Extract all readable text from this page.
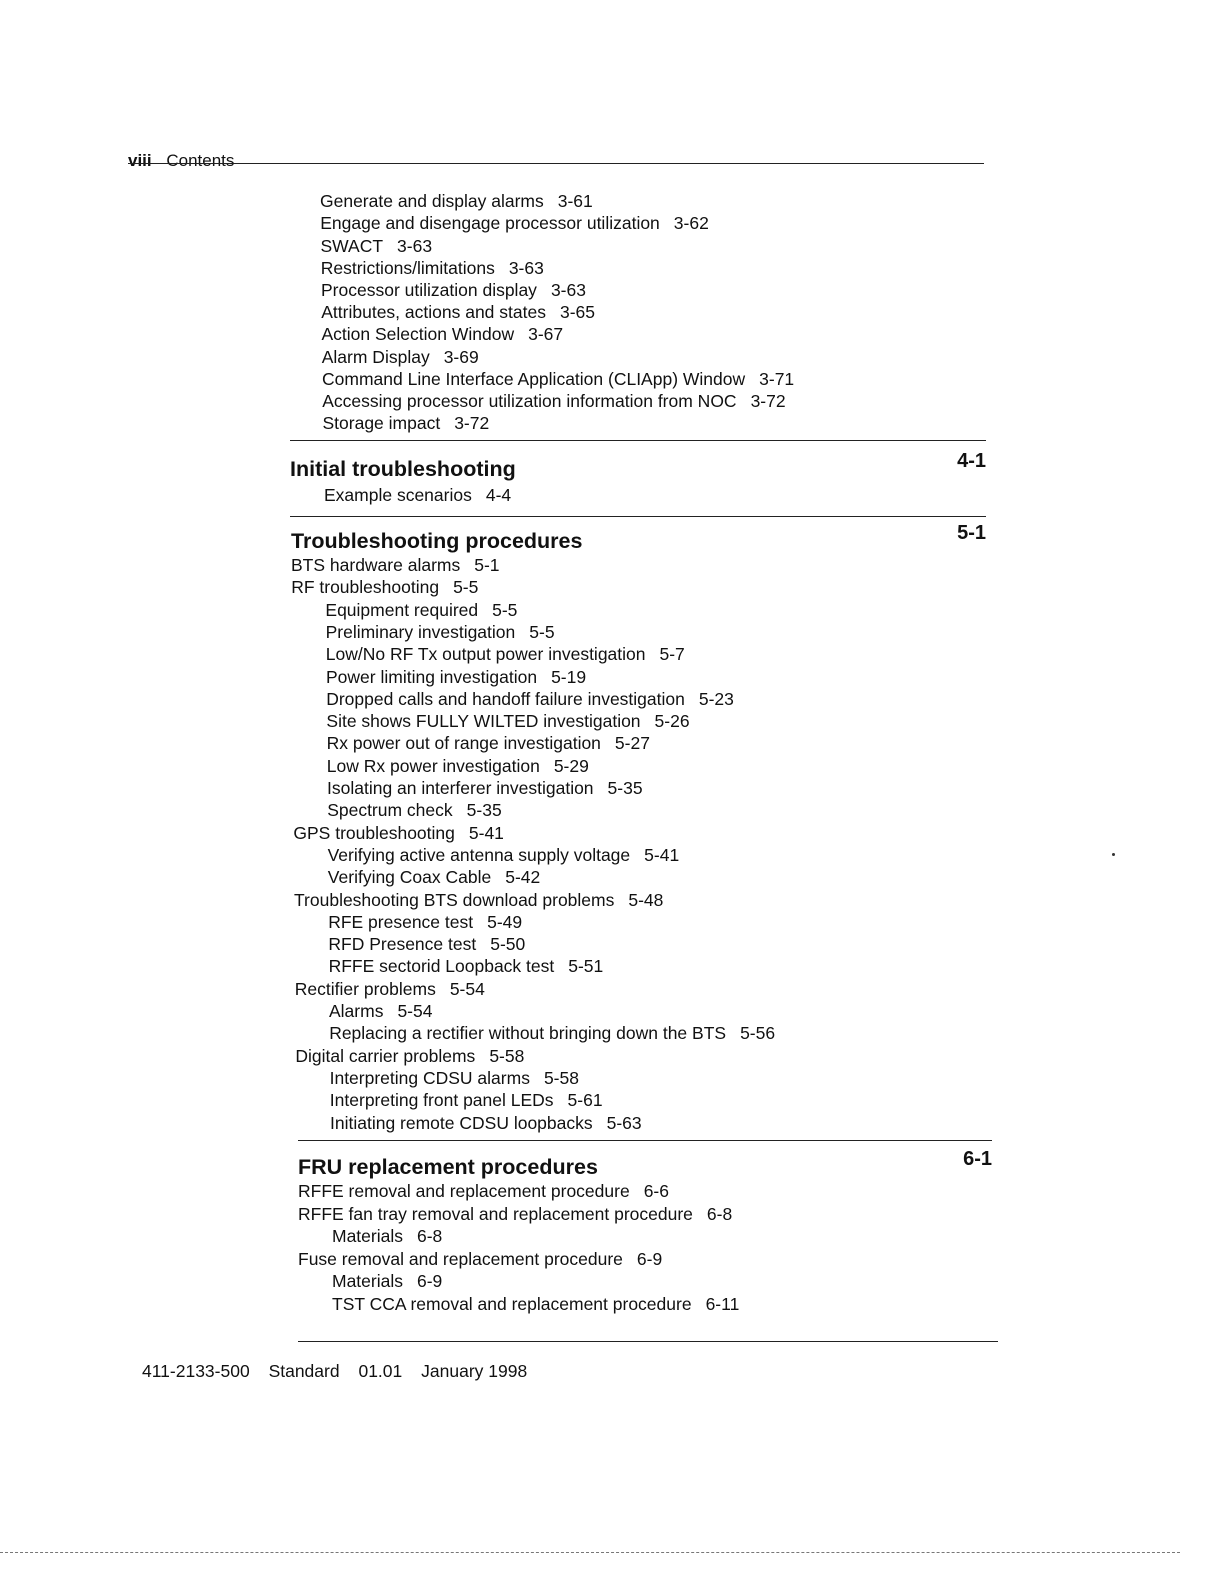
viii Contents
Generate and display alarms 3-61
Engage and disengage processor utilization 3-62
SWACT 3-63
Restrictions/limitations 3-63
Processor utilization display 3-63
Attributes, actions and states 3-65
Action Selection Window 3-67
Alarm Display 3-69
Command Line Interface Application (CLIApp) Window 3-71
Accessing processor utilization information from NOC 3-72
Storage impact 3-72
Initial troubleshooting	4-1
Example scenarios 4-4
Troubleshooting procedures	5-1
BTS hardware alarms 5-1
RF troubleshooting 5-5
Equipment required 5-5
Preliminary investigation 5-5
Low/No RF Tx output power investigation 5-7
Power limiting investigation 5-19
Dropped calls and handoff failure investigation 5-23
Site shows FULLY WILTED investigation 5-26
Rx power out of range investigation 5-27
Low Rx power investigation 5-29
Isolating an interferer investigation 5-35
Spectrum check 5-35
GPS troubleshooting 5-41
Verifying active antenna supply voltage 5-41
Verifying Coax Cable 5-42
Troubleshooting BTS download problems 5-48
RFE presence test 5-49
RFD Presence test 5-50
RFFE sectorid Loopback test 5-51
Rectifier problems 5-54
Alarms 5-54
Replacing a rectifier without bringing down the BTS 5-56
Digital carrier problems 5-58
Interpreting CDSU alarms 5-58
Interpreting front panel LEDs 5-61
Initiating remote CDSU loopbacks 5-63
FRU replacement procedures	6-1
RFFE removal and replacement procedure 6-6
RFFE fan tray removal and replacement procedure 6-8
Materials 6-8
Fuse removal and replacement procedure 6-9
Materials 6-9
TST CCA removal and replacement procedure 6-11
411-2133-500 Standard 01.01 January 1998
